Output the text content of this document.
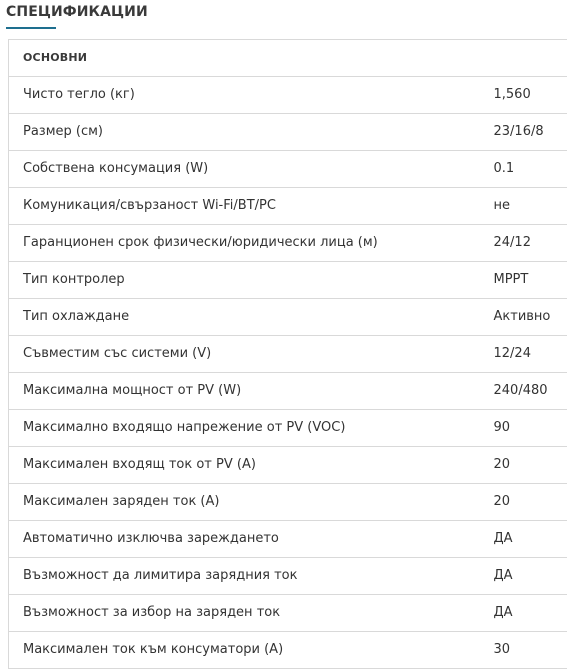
СПЕЦИФИКАЦИИ
ОСНОВНИ	
Чисто тегло (кг)	1,560
Размер (см)	23/16/8
Собствена консумация (W)	0.1
Комуникация/свързаност Wi-Fi/BT/PC	не
Гаранционен срок физически/юридически лица (м)	24/12
Тип контролер	MPPT
Тип охлаждане	Активно
Съвместим със системи (V)	12/24
Максимална мощност от PV (W)	240/480
Максимално входящо напрежение от PV (VOC)	90
Максимален входящ ток от PV (A)	20
Максимален заряден ток (A)	20
Автоматично изключва зареждането	ДА
Възможност да лимитира зарядния ток	ДА
Възможност за избор на заряден ток	ДА
Максимален ток към консуматори (A)	30
